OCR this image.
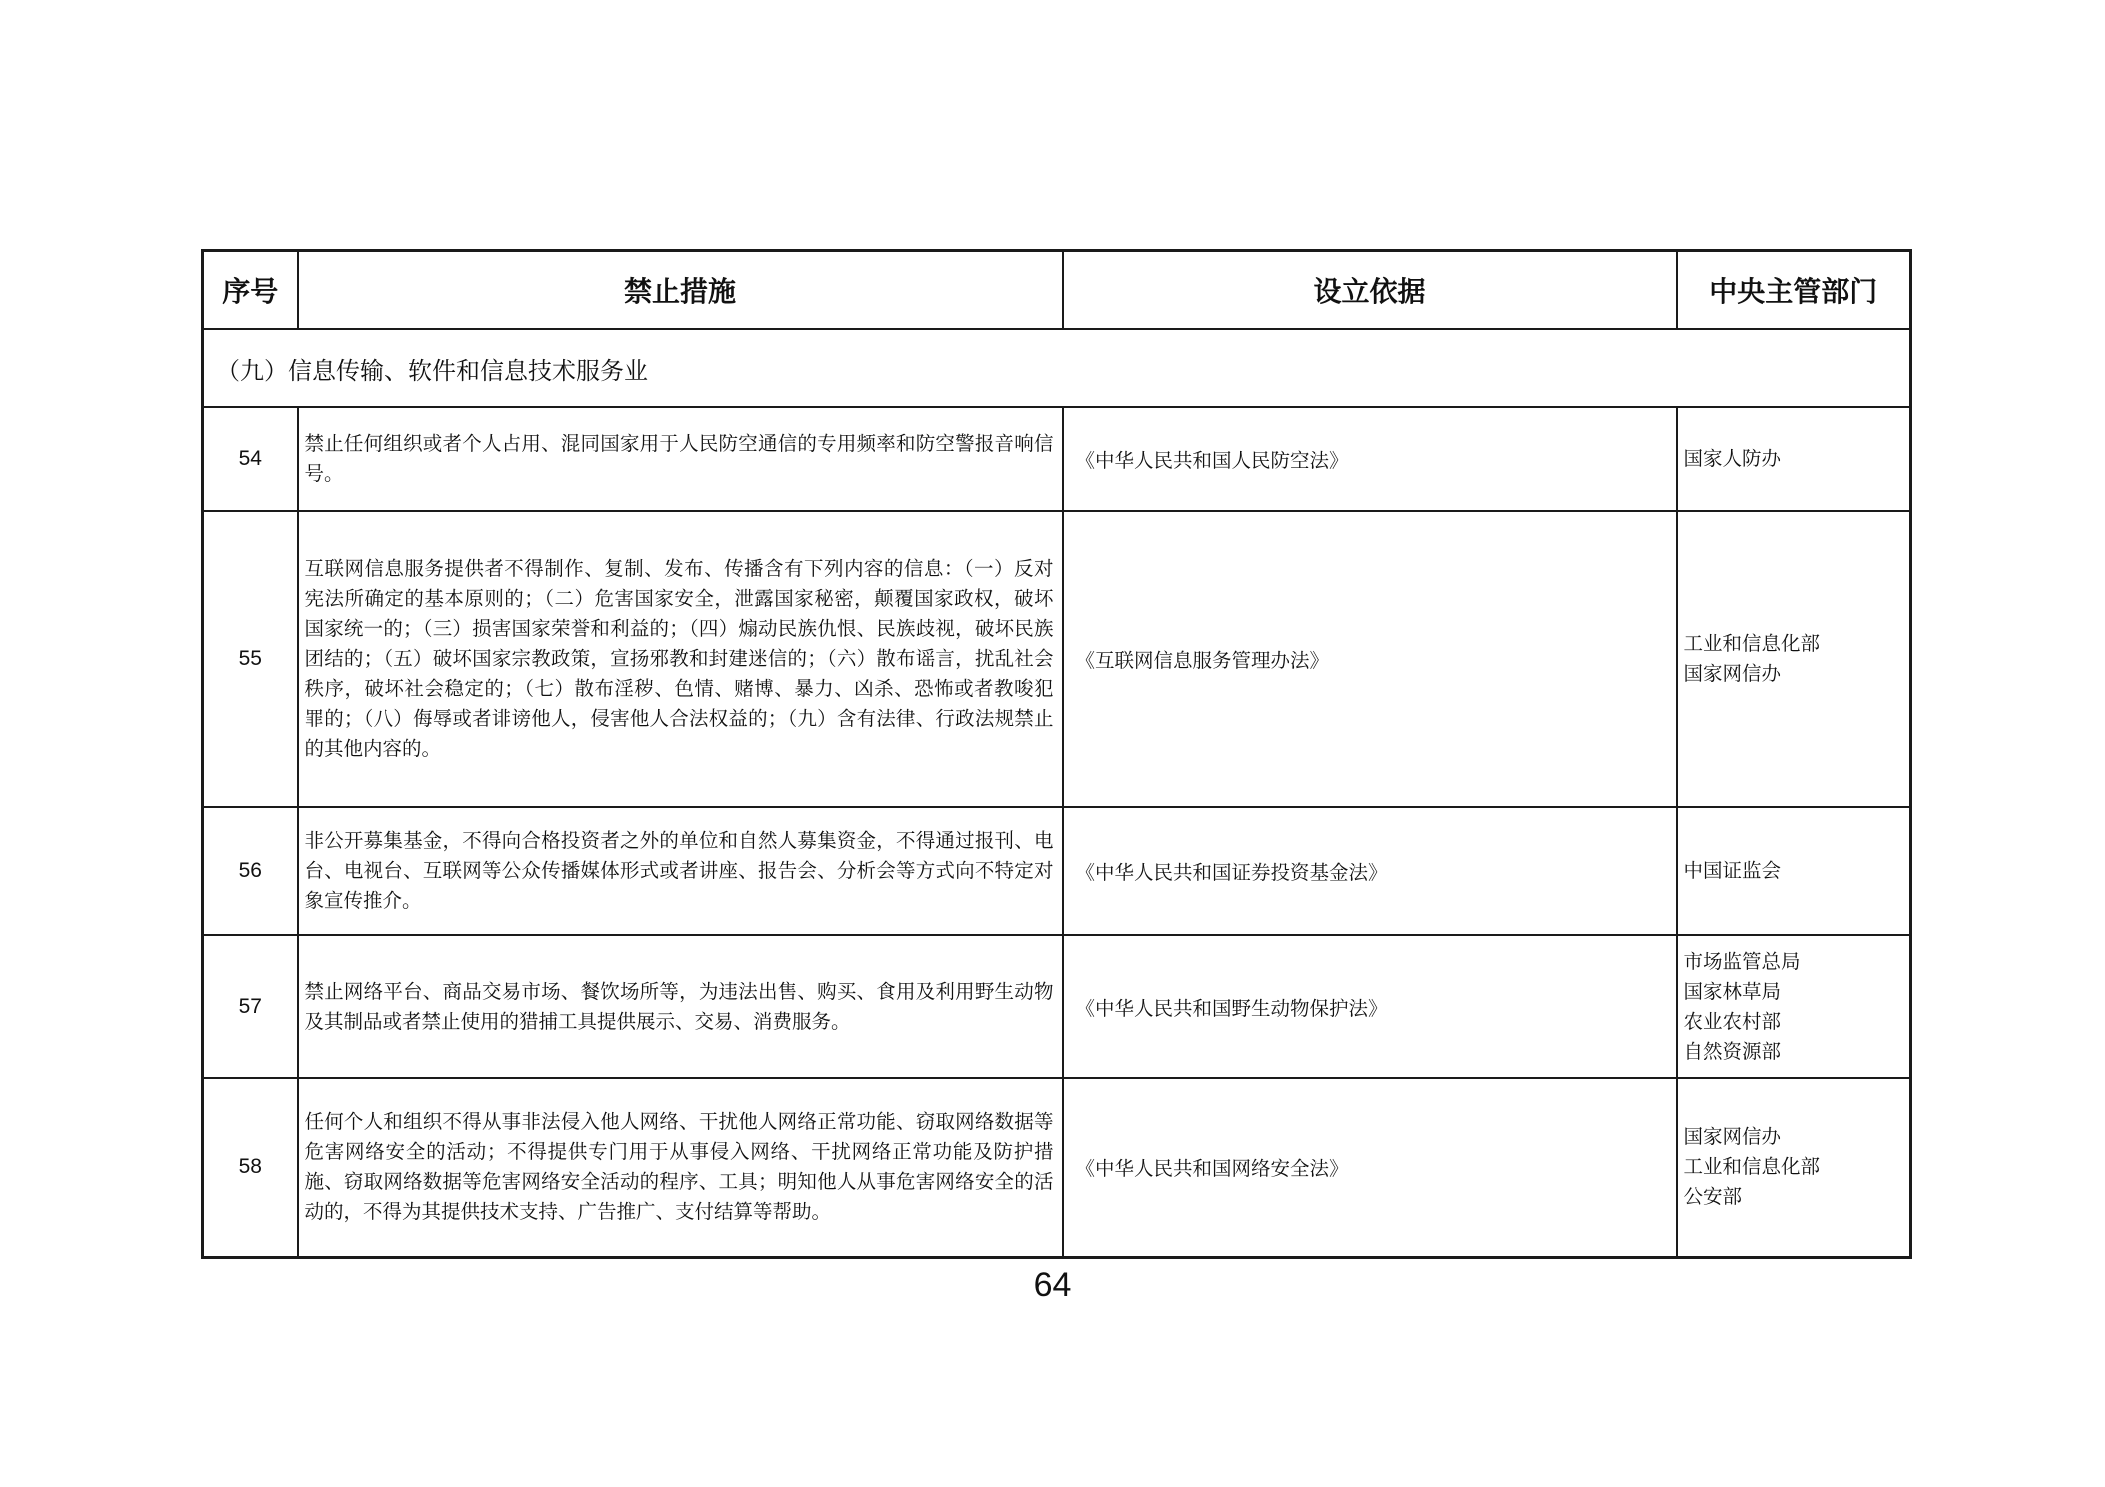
序号	禁止措施	设立依据	中央主管部门
（九）信息传输、软件和信息技术服务业			
54	禁止任何组织或者个人占用、混同国家用于人民防空通信的专用频率和防空警报音响信号。	《中华人民共和国人民防空法》	国家人防办

55	互联网信息服务提供者不得制作、复制、发布、传播含有下列内容的信息：（一）反对宪法所确定的基本原则的；（二）危害国家安全，泄露国家秘密，颠覆国家政权，破坏国家统一的；（三）损害国家荣誉和利益的；（四）煽动民族仇恨、民族歧视，破坏民族团结的；（五）破坏国家宗教政策，宣扬邪教和封建迷信的；（六）散布谣言，扰乱社会秩序，破坏社会稳定的；（七）散布淫秽、色情、赌博、暴力、凶杀、恐怖或者教唆犯罪的；（八）侮辱或者诽谤他人，侵害他人合法权益的；（九）含有法律、行政法规禁止的其他内容的。	《互联网信息服务管理办法》	工业和信息化部
国家网信办

56	非公开募集基金，不得向合格投资者之外的单位和自然人募集资金，不得通过报刊、电台、电视台、互联网等公众传播媒体形式或者讲座、报告会、分析会等方式向不特定对象宣传推介。	《中华人民共和国证券投资基金法》	中国证监会

57	禁止网络平台、商品交易市场、餐饮场所等，为违法出售、购买、食用及利用野生动物及其制品或者禁止使用的猎捕工具提供展示、交易、消费服务。	《中华人民共和国野生动物保护法》	市场监管总局
国家林草局
农业农村部
自然资源部

58	任何个人和组织不得从事非法侵入他人网络、干扰他人网络正常功能、窃取网络数据等危害网络安全的活动；不得提供专门用于从事侵入网络、干扰网络正常功能及防护措施、窃取网络数据等危害网络安全活动的程序、工具；明知他人从事危害网络安全的活动的，不得为其提供技术支持、广告推广、支付结算等帮助。	《中华人民共和国网络安全法》	国家网信办
工业和信息化部
公安部
64
